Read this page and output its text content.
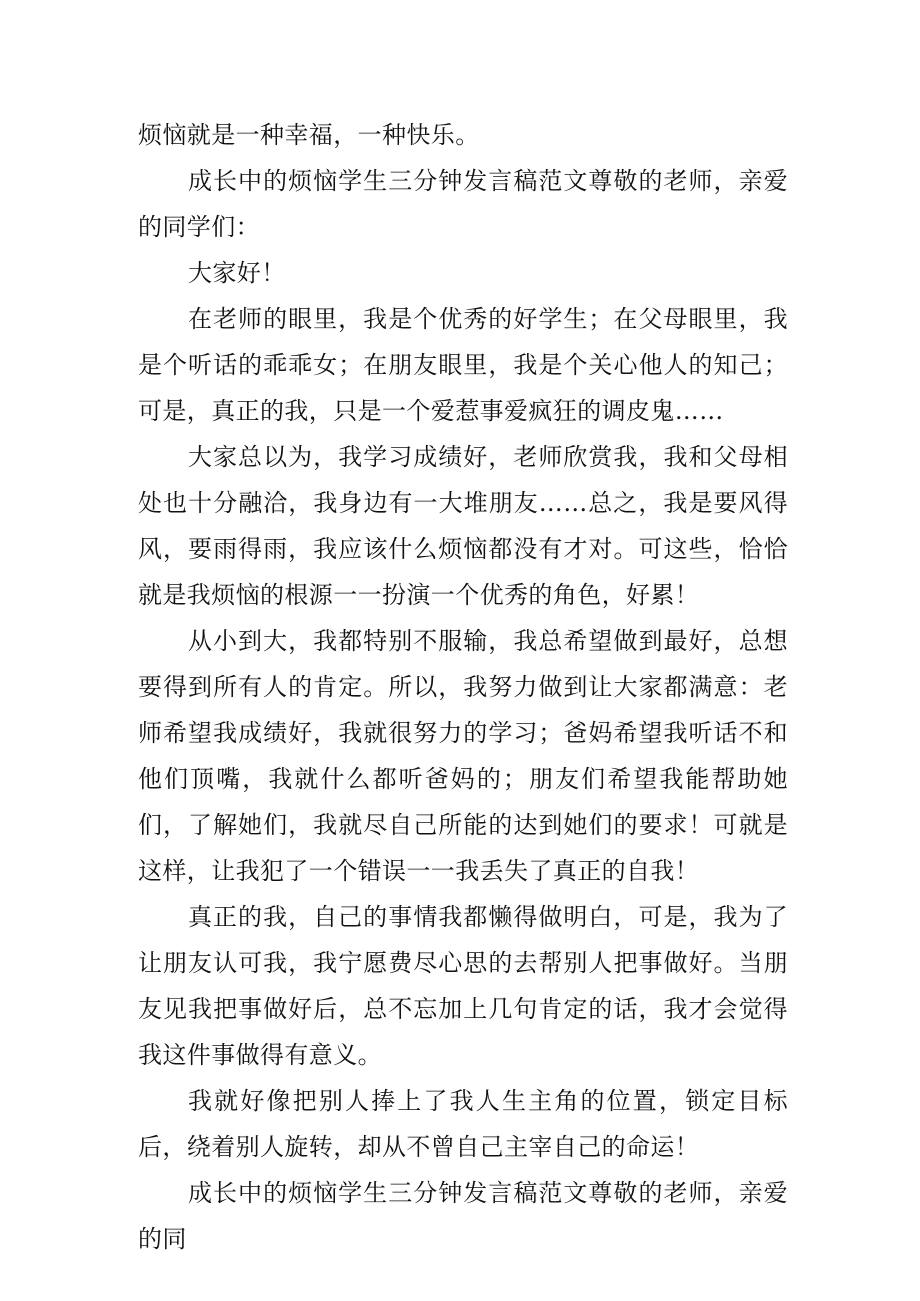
烦恼就是一种幸福，一种快乐。

成长中的烦恼学生三分钟发言稿范文尊敬的老师，亲爱的同学们：

大家好！

在老师的眼里，我是个优秀的好学生；在父母眼里，我是个听话的乖乖女；在朋友眼里，我是个关心他人的知己；可是，真正的我，只是一个爱惹事爱疯狂的调皮鬼……

大家总以为，我学习成绩好，老师欣赏我，我和父母相处也十分融洽，我身边有一大堆朋友……总之，我是要风得风，要雨得雨，我应该什么烦恼都没有才对。可这些，恰恰就是我烦恼的根源一一扮演一个优秀的角色，好累！

从小到大，我都特别不服输，我总希望做到最好，总想要得到所有人的肯定。所以，我努力做到让大家都满意：老师希望我成绩好，我就很努力的学习；爸妈希望我听话不和他们顶嘴，我就什么都听爸妈的；朋友们希望我能帮助她们，了解她们，我就尽自己所能的达到她们的要求！可就是这样，让我犯了一个错误一一我丢失了真正的自我！

真正的我，自己的事情我都懒得做明白，可是，我为了让朋友认可我，我宁愿费尽心思的去帮别人把事做好。当朋友见我把事做好后，总不忘加上几句肯定的话，我才会觉得我这件事做得有意义。

我就好像把别人捧上了我人生主角的位置，锁定目标后，绕着别人旋转，却从不曾自己主宰自己的命运！

成长中的烦恼学生三分钟发言稿范文尊敬的老师，亲爱的同
